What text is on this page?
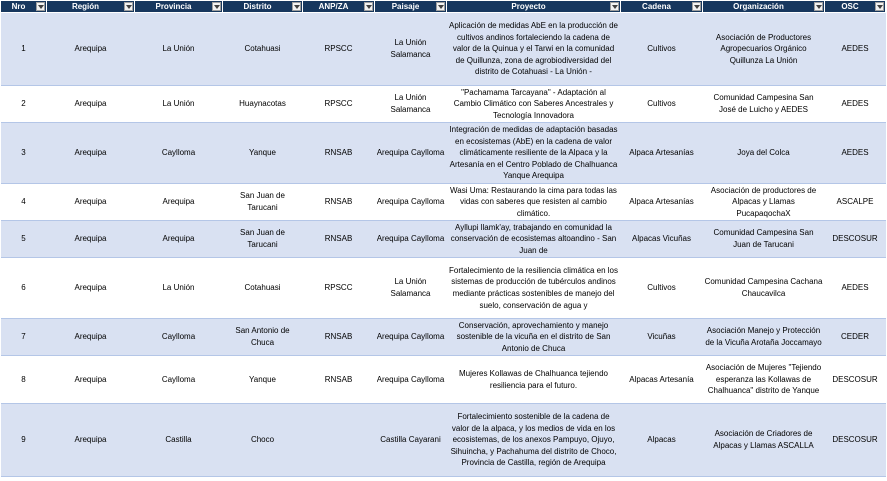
Nro	Región	Provincia	Distrito	ANP/ZA	Paisaje	Proyecto	Cadena	Organización	OSC

1	Arequipa	La Unión	Cotahuasi	RPSCC	La Unión Salamanca	Aplicación de medidas AbE en la producción de cultivos andinos fortaleciendo la cadena de valor de la Quinua y el Tarwi en la comunidad de Quillunza, zona de agrobiodiversidad del distrito de Cotahuasi - La Unión -	Cultivos	Asociación de Productores Agropecuarios Orgánico Quillunza La Unión	AEDES

2	Arequipa	La Unión	Huaynacotas	RPSCC	La Unión Salamanca	"Pachamama Tarcayana" - Adaptación al Cambio Climático con Saberes Ancestrales y Tecnología Innovadora	Cultivos	Comunidad Campesina San José de Luicho y AEDES	AEDES

3	Arequipa	Caylloma	Yanque	RNSAB	Arequipa Caylloma	Integración de medidas de adaptación basadas en ecosistemas (AbE) en la cadena de valor climáticamente resiliente de la Alpaca y la Artesanía en el Centro Poblado de Chalhuanca Yanque Arequipa	Alpaca Artesanías	Joya del Colca	AEDES

4	Arequipa	Arequipa	San Juan de Tarucani	RNSAB	Arequipa Caylloma	Wasi Uma: Restaurando la cima para todas las vidas con saberes que resisten al cambio climático.	Alpaca Artesanías	Asociación de productores de Alpacas y Llamas PucapaqochaX	ASCALPE

5	Arequipa	Arequipa	San Juan de Tarucani	RNSAB	Arequipa Caylloma	Ayllupi llamk'ay, trabajando en comunidad la conservación de ecosistemas altoandino - San Juan de	Alpacas Vicuñas	Comunidad Campesina San Juan de Tarucani	DESCOSUR

6	Arequipa	La Unión	Cotahuasi	RPSCC	La Unión Salamanca	Fortalecimiento de la resiliencia climática en los sistemas de producción de tubérculos andinos mediante prácticas sostenibles de manejo del suelo, conservación de agua y	Cultivos	Comunidad Campesina Cachana Chaucavilca	AEDES

7	Arequipa	Caylloma	San Antonio de Chuca	RNSAB	Arequipa Caylloma	Conservación, aprovechamiento y manejo sostenible de la vicuña en el distrito de San Antonio de Chuca	Vicuñas	Asociación Manejo y Protección de la Vicuña Arotaña Joccamayo	CEDER

8	Arequipa	Caylloma	Yanque	RNSAB	Arequipa Caylloma	Mujeres Kollawas de Chalhuanca tejiendo resiliencia para el futuro.	Alpacas Artesanía	Asociación de Mujeres "Tejiendo esperanza las Kollawas de Chalhuanca" distrito de Yanque	DESCOSUR

9	Arequipa	Castilla	Choco		Castilla Cayarani	Fortalecimiento sostenible de la cadena de valor de la alpaca, y los medios de vida en los ecosistemas, de los anexos Pampuyo, Ojuyo, Sihuincha, y Pachahuma del distrito de Choco, Provincia de Castilla, región de Arequipa	Alpacas	Asociación de Criadores de Alpacas y Llamas ASCALLA	DESCOSUR
